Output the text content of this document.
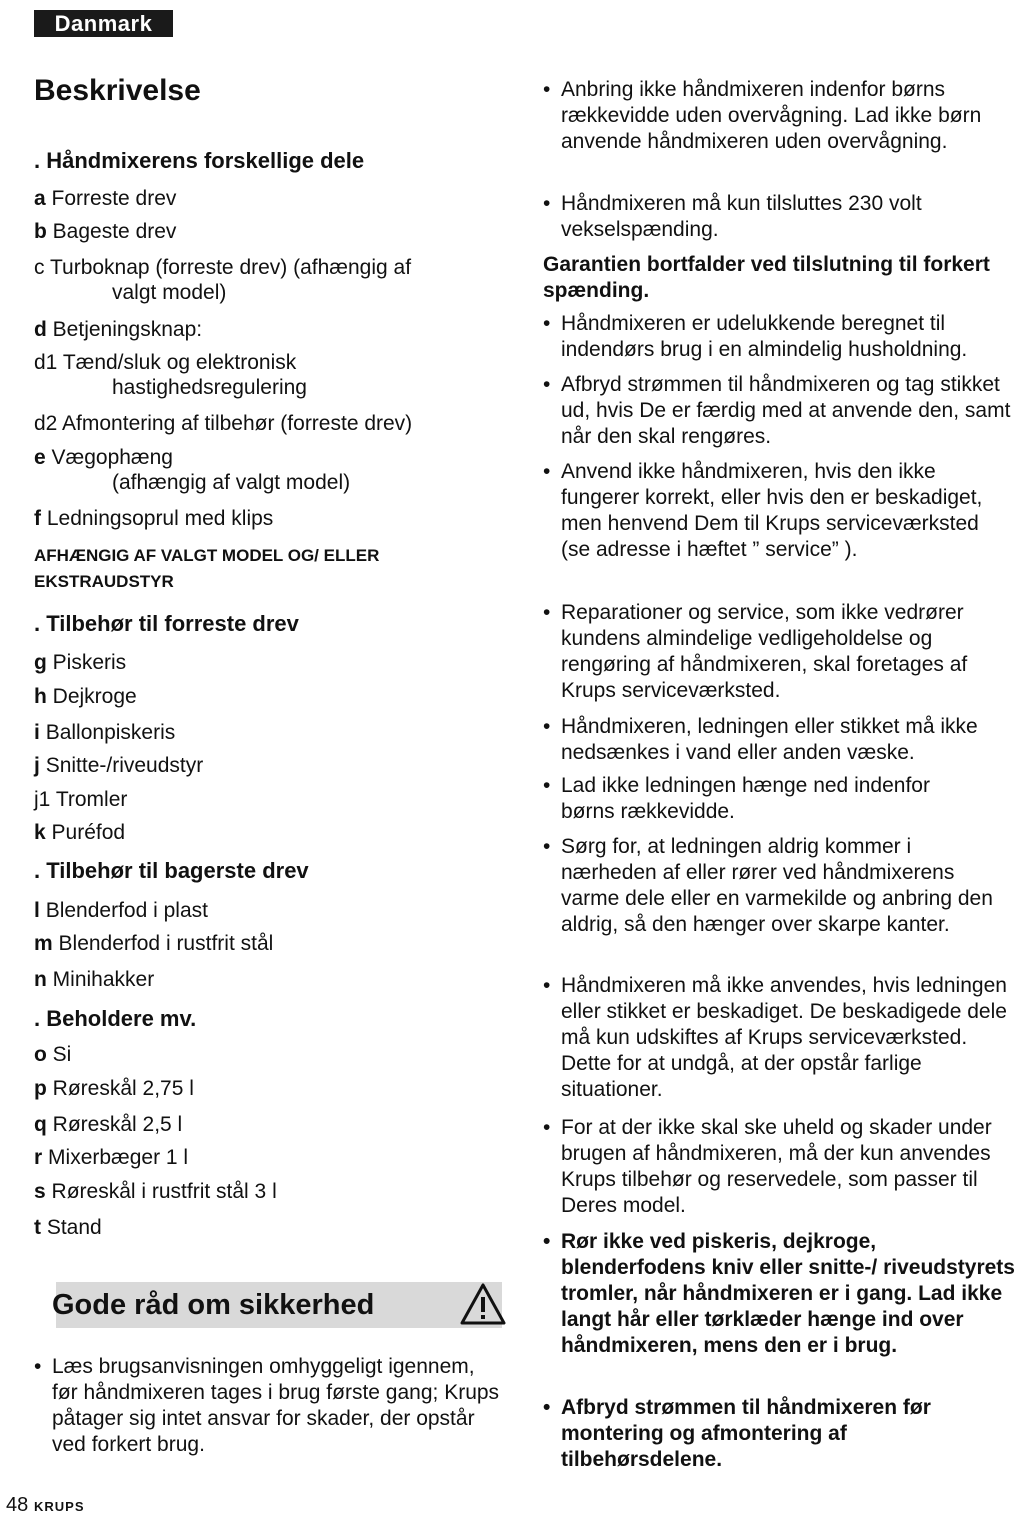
Danmark
Beskrivelse
. Håndmixerens forskellige dele
a Forreste drev
b Bageste drev
c Turboknap (forreste drev) (afhængig af
valgt model)
d Betjeningsknap:
d1 Tænd/sluk og elektronisk
hastighedsregulering
d2 Afmontering af tilbehør (forreste drev)
e Vægophæng
(afhængig af valgt model)
f Ledningsoprul med klips
AFHÆNGIG AF VALGT MODEL OG/ ELLER
EKSTRAUDSTYR
. Tilbehør til forreste drev
g Piskeris
h Dejkroge
i Ballonpiskeris
j Snitte-/riveudstyr
j1 Tromler
k Puréfod
. Tilbehør til bagerste drev
l Blenderfod i plast
m Blenderfod i rustfrit stål
n Minihakker
. Beholdere mv.
o Si
p Røreskål 2,75 l
q Røreskål 2,5 l
r Mixerbæger 1 l
s Røreskål i rustfrit stål 3 l
t Stand
Gode råd om sikkerhed
• Læs brugsanvisningen omhyggeligt igennem, før håndmixeren tages i brug første gang; Krups påtager sig intet ansvar for skader, der opstår ved forkert brug.
• Anbring ikke håndmixeren indenfor børns rækkevidde uden overvågning. Lad ikke børn anvende håndmixeren uden overvågning.
• Håndmixeren må kun tilsluttes 230 volt vekselspænding.
Garantien bortfalder ved tilslutning til forkert spænding.
• Håndmixeren er udelukkende beregnet til indendørs brug i en almindelig husholdning.
• Afbryd strømmen til håndmixeren og tag stikket ud, hvis De er færdig med at anvende den, samt når den skal rengøres.
• Anvend ikke håndmixeren, hvis den ikke fungerer korrekt, eller hvis den er beskadiget, men henvend Dem til Krups serviceværksted (se adresse i hæftet ” service” ).
• Reparationer og service, som ikke vedrører kundens almindelige vedligeholdelse og rengøring af håndmixeren, skal foretages af Krups serviceværksted.
• Håndmixeren, ledningen eller stikket må ikke nedsænkes i vand eller anden væske.
• Lad ikke ledningen hænge ned indenfor børns rækkevidde.
• Sørg for, at ledningen aldrig kommer i nærheden af eller rører ved håndmixerens varme dele eller en varmekilde og anbring den aldrig, så den hænger over skarpe kanter.
• Håndmixeren må ikke anvendes, hvis ledningen eller stikket er beskadiget. De beskadigede dele må kun udskiftes af Krups serviceværksted. Dette for at undgå, at der opstår farlige situationer.
• For at der ikke skal ske uheld og skader under brugen af håndmixeren, må der kun anvendes Krups tilbehør og reservedele, som passer til Deres model.
• Rør ikke ved piskeris, dejkroge, blenderfodens kniv eller snitte-/ riveudstyrets tromler, når håndmixeren er i gang. Lad ikke langt hår eller tørklæder hænge ind over håndmixeren, mens den er i brug.
• Afbryd strømmen til håndmixeren før montering og afmontering af tilbehørsdelene.
48 KRUPS
